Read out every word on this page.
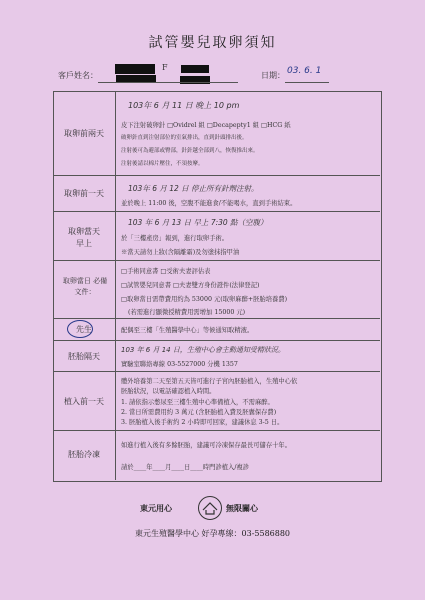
試管嬰兒取卵須知
客戶姓名：
F
日期： 03. 6. 1
取卵前兩天
取卵前一天
取卵當天 早上
取卵當日 必備文件：
先生
胚胎隔天
植入前一天
胚胎冷凍
103年 6 月 11 日 晚上 10 pm
皮下注射破卵針 □Ovidrel 組 □Decapepty1 組 □HCG 紙
破卵針直到注射部位的室氣排出，直到針頭排出後。
注射後可為避部或臀部，針針越全部到八，恢復推出來。
注射後請以棉片壓住，不須按摩。
103年 6 月 12 日 停止所有針劑注射。
並於晚上 11:00 後，空腹不能進食/不能喝水，直到手術結束。
103 年 6 月 13 日 早上 7:30 點（空腹）
於「三樓產房」報到，進行取卵手術。
※當天請勿上妝(含隔離霜)及勿塗抹指甲油
□手術同意書 □受術夫妻評估表
□試管嬰兒同意書 □夫妻雙方身份證件(法律登記)
□取卵當日需帶費用約為 53000 元(取卵麻醉+胚胎培養費)
(若需進行顯微授精費用需增加 15000 元)
配偶至三樓「生殖醫學中心」等候通知取精液。
103 年 6 月 14 日，生殖中心會主動通知受精狀況。
實驗室聯絡專線 03-5527000 分機 1357
體外培養第二天至第五天皆可進行子宮內胚胎植入，生殖中心依
胚胎狀況，以電話確認植入時間。
1. 請依指示憋尿至三樓生殖中心準備植入，不需麻醉。
2. 當日所需費用約 3 萬元 (含胚胎植入費及胚囊保存費)
3. 胚胎植入後手術約 2 小時即可回家，建議休息 3-5 日。
如進行植入後有多餘胚胎，建議可冷凍保存最長可儲存十年。
請於____年____月____日____時門診植入/複診
東元用心	無限關心
東元生殖醫學中心 好孕專線：03-5586880
